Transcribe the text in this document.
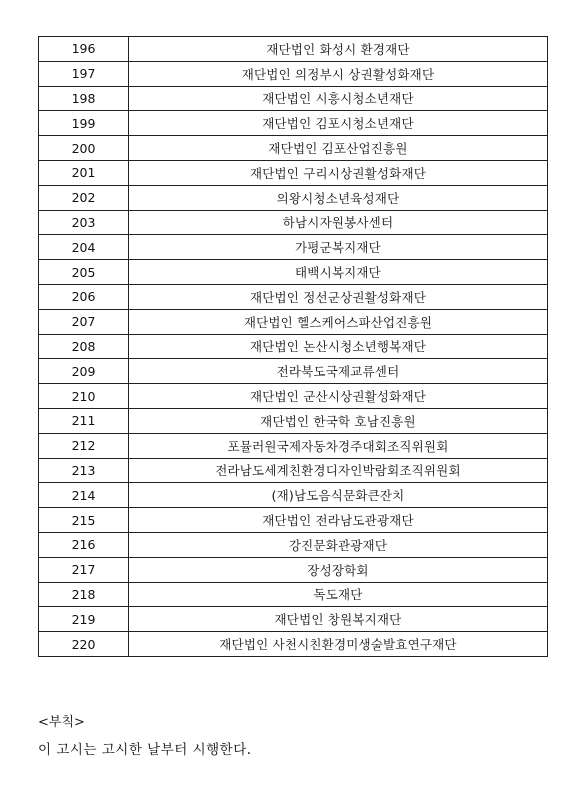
196	재단법인 화성시 환경재단
197	재단법인 의정부시 상권활성화재단
198	재단법인 시흥시청소년재단
199	재단법인 김포시청소년재단
200	재단법인 김포산업진흥원
201	재단법인 구리시상권활성화재단
202	의왕시청소년육성재단
203	하남시자원봉사센터
204	가평군복지재단
205	태백시복지재단
206	재단법인 정선군상권활성화재단
207	재단법인 헬스케어스파산업진흥원
208	재단법인 논산시청소년행복재단
209	전라북도국제교류센터
210	재단법인 군산시상권활성화재단
211	재단법인 한국학 호남진흥원
212	포뮬러원국제자동차경주대회조직위원회
213	전라남도세계친환경디자인박람회조직위원회
214	(재)남도음식문화큰잔치
215	재단법인 전라남도관광재단
216	강진문화관광재단
217	장성장학회
218	독도재단
219	재단법인 창원복지재단
220	재단법인 사천시친환경미생술발효연구재단
<부칙>
이 고시는 고시한 날부터 시행한다.
